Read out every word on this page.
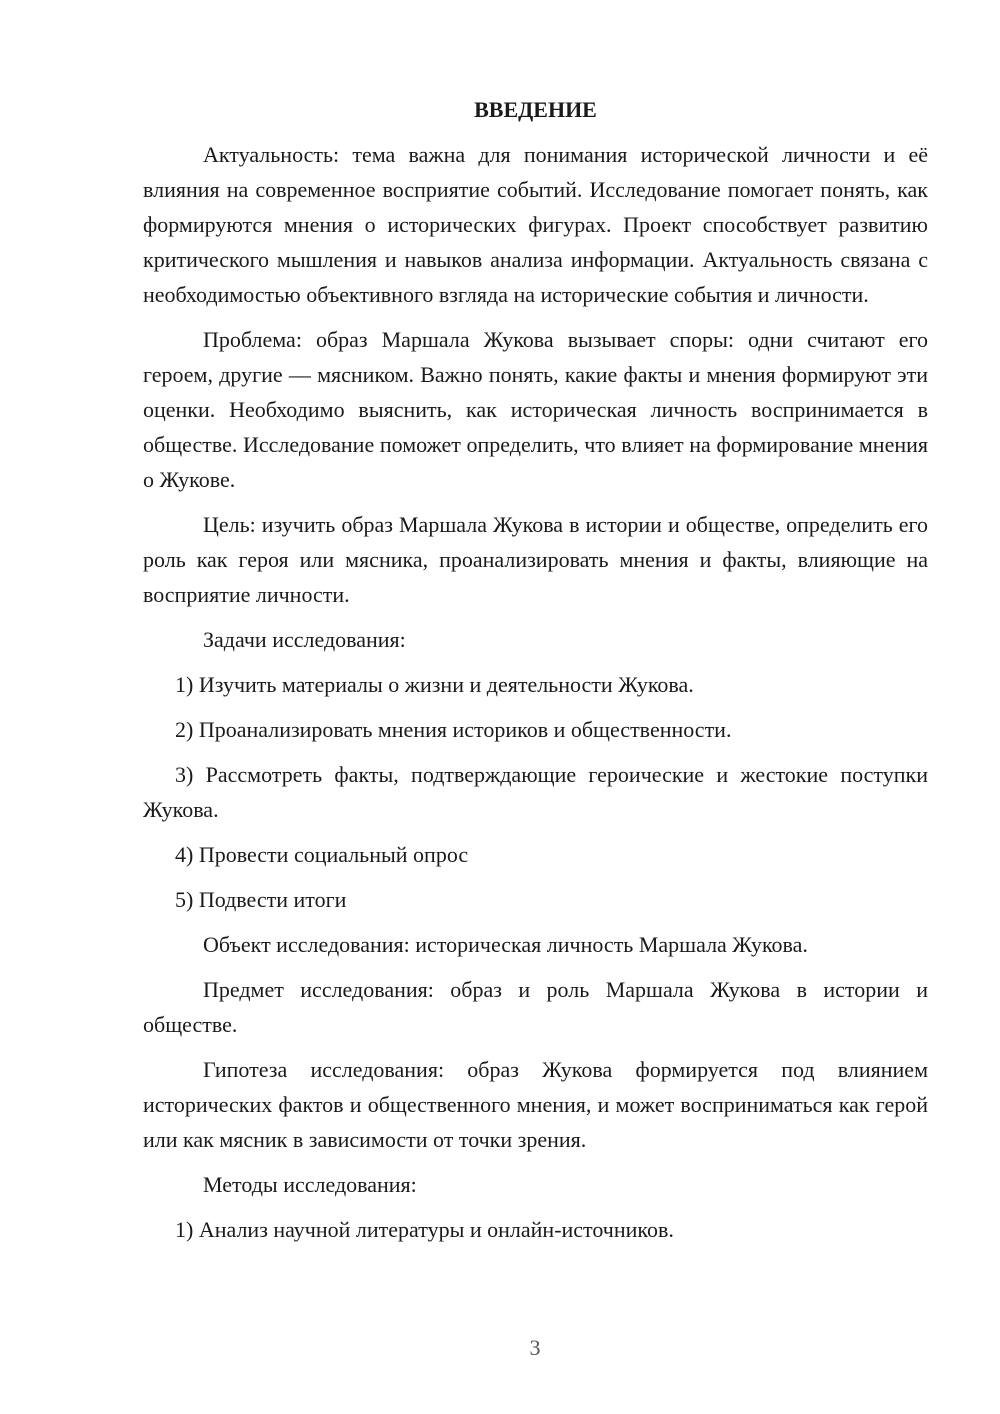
ВВЕДЕНИЕ

Актуальность: тема важна для понимания исторической личности и её влияния на современное восприятие событий. Исследование помогает понять, как формируются мнения о исторических фигурах. Проект способствует развитию критического мышления и навыков анализа информации. Актуальность связана с необходимостью объективного взгляда на исторические события и личности.

Проблема: образ Маршала Жукова вызывает споры: одни считают его героем, другие — мясником. Важно понять, какие факты и мнения формируют эти оценки. Необходимо выяснить, как историческая личность воспринимается в обществе. Исследование поможет определить, что влияет на формирование мнения о Жукове.

Цель: изучить образ Маршала Жукова в истории и обществе, определить его роль как героя или мясника, проанализировать мнения и факты, влияющие на восприятие личности.

Задачи исследования:

1) Изучить материалы о жизни и деятельности Жукова.

2) Проанализировать мнения историков и общественности.

3) Рассмотреть факты, подтверждающие героические и жестокие поступки Жукова.

4) Провести социальный опрос

5) Подвести итоги

Объект исследования: историческая личность Маршала Жукова.

Предмет исследования: образ и роль Маршала Жукова в истории и обществе.

Гипотеза исследования: образ Жукова формируется под влиянием исторических фактов и общественного мнения, и может восприниматься как герой или как мясник в зависимости от точки зрения.

Методы исследования:

1) Анализ научной литературы и онлайн-источников.

3
